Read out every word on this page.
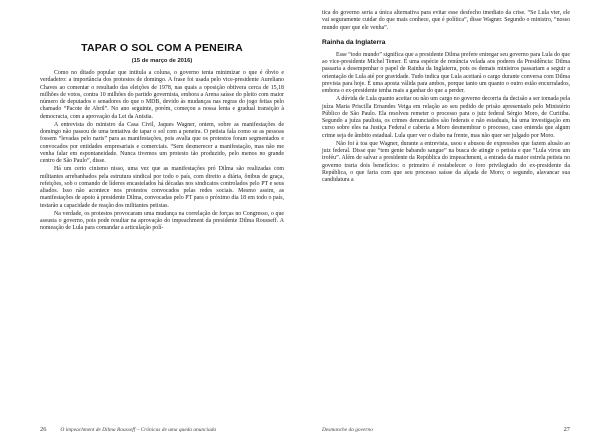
TAPAR O SOL COM A PENEIRA

(15 de março de 2016)

Como no ditado popular que intitula a coluna, o governo tenta minimizar o que é óbvio e verdadeiro: a importância dos protestos de domingo. A frase foi usada pelo vice-presidente Aureliano Chaves ao comentar o resultado das eleições de 1978, nas quais a oposição obtivera cerca de 15,18 milhões de votos, contra 10 milhões do partido governista, embora a Arena saísse do pleito com maior número de deputados e senadores do que o MDB, devido às mudanças nas regras do jogo feitas pelo chamado “Pacote de Abril”. No ano seguinte, porém, começou a nossa lenta e gradual transição à democracia, com a aprovação da Lei da Anistia.

A entrevista do ministro da Casa Civil, Jaques Wagner, ontem, sobre as manifestações de domingo não passou de uma tentativa de tapar o sol com a peneira. O petista fala como se as pessoas fossem “levadas pelo naris” para as manifestações, pois avalia que os protestos foram segmentados e convocados por entidades empresariais e comerciais. “Sem desmerecer a manifestação, mas não me venha falar em espontaneidade. Nunca tivemos um protesto tão produzido, pelo menos no grande centro de São Paulo”, disse.

Há um certo cinismo nisso, uma vez que as manifestações pró Dilma são realizadas com militantes arrebanhados pela estrutura sindical por todo o país, com direito a diária, ônibus de graça, refeições, sob o comando de líderes encastelados há décadas nos sindicatos controlados pelo PT e seus aliados. Isso não acontece nos protestos convocados pelas redes sociais. Mesmo assim, as manifestações de apoio à presidente Dilma, convocadas pelo PT para o próximo dia 18 em todo o país, testarão a capacidade de reação dos militantes petistas.

Na verdade, os protestos provocaram uma mudança na correlação de forças no Congresso, o que assusta o governo, pois pode resultar na aprovação do impeachment da presidente Dilma Rousseff. A nomeação de Lula para comandar a articulação polí-

26	O impeachment de Dilma Rousseff – Crônicas de uma queda anunciada

tica do governo seria a única alternativa para evitar esse desfecho imediato da crise. “Se Lula vier, ele vai seguramente cuidar do que mais conhece, que é política”, disse Wagner. Segundo o ministro, “nosso mundo quer que ele venha”.

Rainha da Inglaterra

Esse “todo mundo” significa que a presidente Dilma prefere entregar seu governo para Lula do que ao vice-presidente Michel Temer. É uma espécie de renúncia velada aos poderes da Presidência: Dilma passaria a desempenhar o papel de Rainha da Inglaterra, pois os demais ministros passariam a seguir a orientação de Lula até por gravidade. Tudo indica que Lula aceitará o cargo durante conversa com Dilma prevista para hoje. É uma aposta válida para ambos, porque tanto um quanto o outro estão encurralados, embora o ex-presidente tenha mais a ganhar do que a perder.

A dúvida de Lula quanto aceitar ou não um cargo no governo decorria da decisão a ser tomada pela juíza Maria Priscilla Ernandes Veiga em relação ao seu pedido de prisão apresentado pelo Ministério Público de São Paulo. Ela resolveu remeter o processo para o juiz federal Sérgio Moro, de Curitiba. Segundo a juíza paulista, os crimes denunciados são federais e não estaduais, há uma investigação em curso sobre eles na Justiça Federal e caberia a Moro desmembrar o processo, caso entenda que algum crime seja de âmbito estadual. Lula quer ver o diabo na frente, mas não quer ser julgado por Moro.

Não foi à toa que Wagner, durante a entrevista, usou e abusou de expressões que fazem alusão ao juiz federal. Disse que “tem gente babando sangue” na busca de atingir o petista e que “Lula virou um troféu”. Além de salvar a presidente da República do impeachment, a entrada da maior estrela petista no governo traria dois benefícios: o primeiro é restabelecer o foro privilegiado do ex-presidente da República, o que faria com que seu processo saísse da alçada de Moro; o segundo, alavancar sua candidatura a

Desmanche do governo	27
